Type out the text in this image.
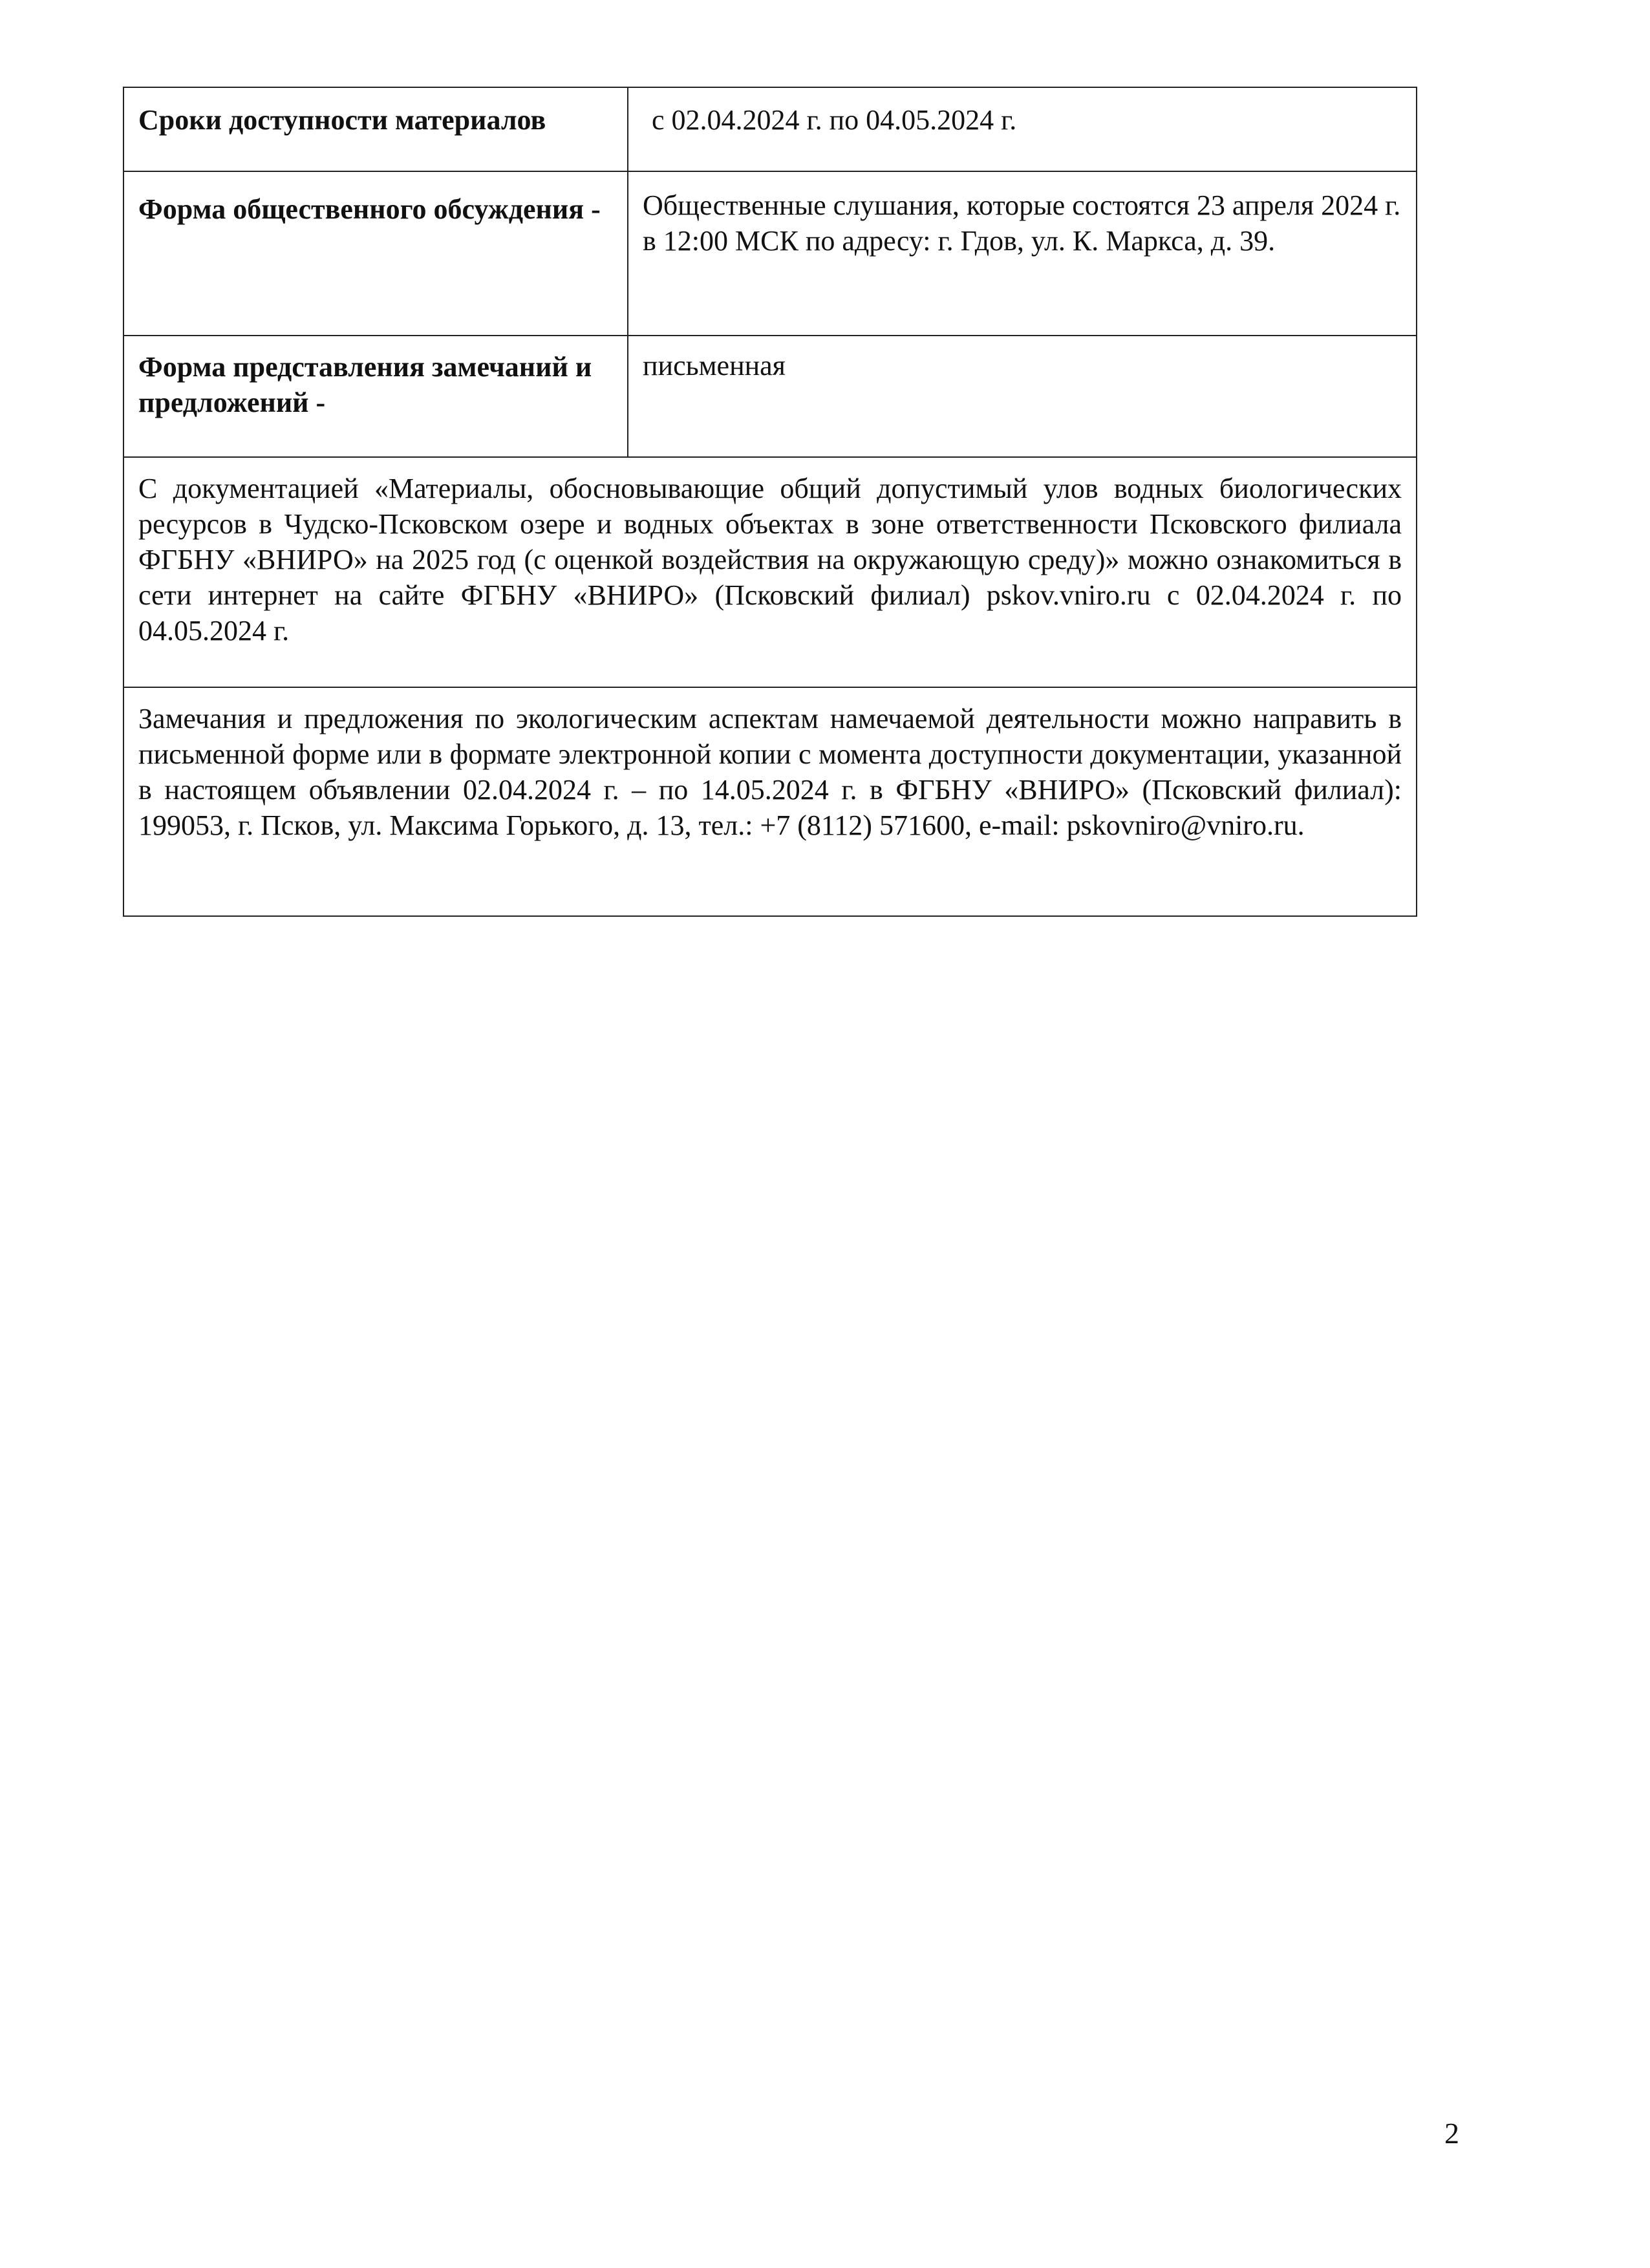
Сроки доступности материалов	с 02.04.2024 г. по 04.05.2024 г.
Форма общественного обсуждения -	Общественные слушания, которые состоятся 23 апреля 2024 г. в 12:00 МСК по адресу: г. Гдов, ул. К. Маркса, д. 39.
Форма представления замечаний и предложений -	письменная
С документацией «Материалы, обосновывающие общий допустимый улов водных биологических ресурсов в Чудско-Псковском озере и водных объектах в зоне ответственности Псковского филиала ФГБНУ «ВНИРО» на 2025 год (с оценкой воздействия на окружающую среду)» можно ознакомиться в сети интернет на сайте ФГБНУ «ВНИРО» (Псковский филиал) pskov.vniro.ru с 02.04.2024 г. по 04.05.2024 г.	
Замечания и предложения по экологическим аспектам намечаемой деятельности можно направить в письменной форме или в формате электронной копии с момента доступности документации, указанной в настоящем объявлении 02.04.2024 г. – по 14.05.2024 г. в ФГБНУ «ВНИРО» (Псковский филиал): 199053, г. Псков, ул. Максима Горького, д. 13, тел.: +7 (8112) 571600, e-mail: pskovniro@vniro.ru.	
2
